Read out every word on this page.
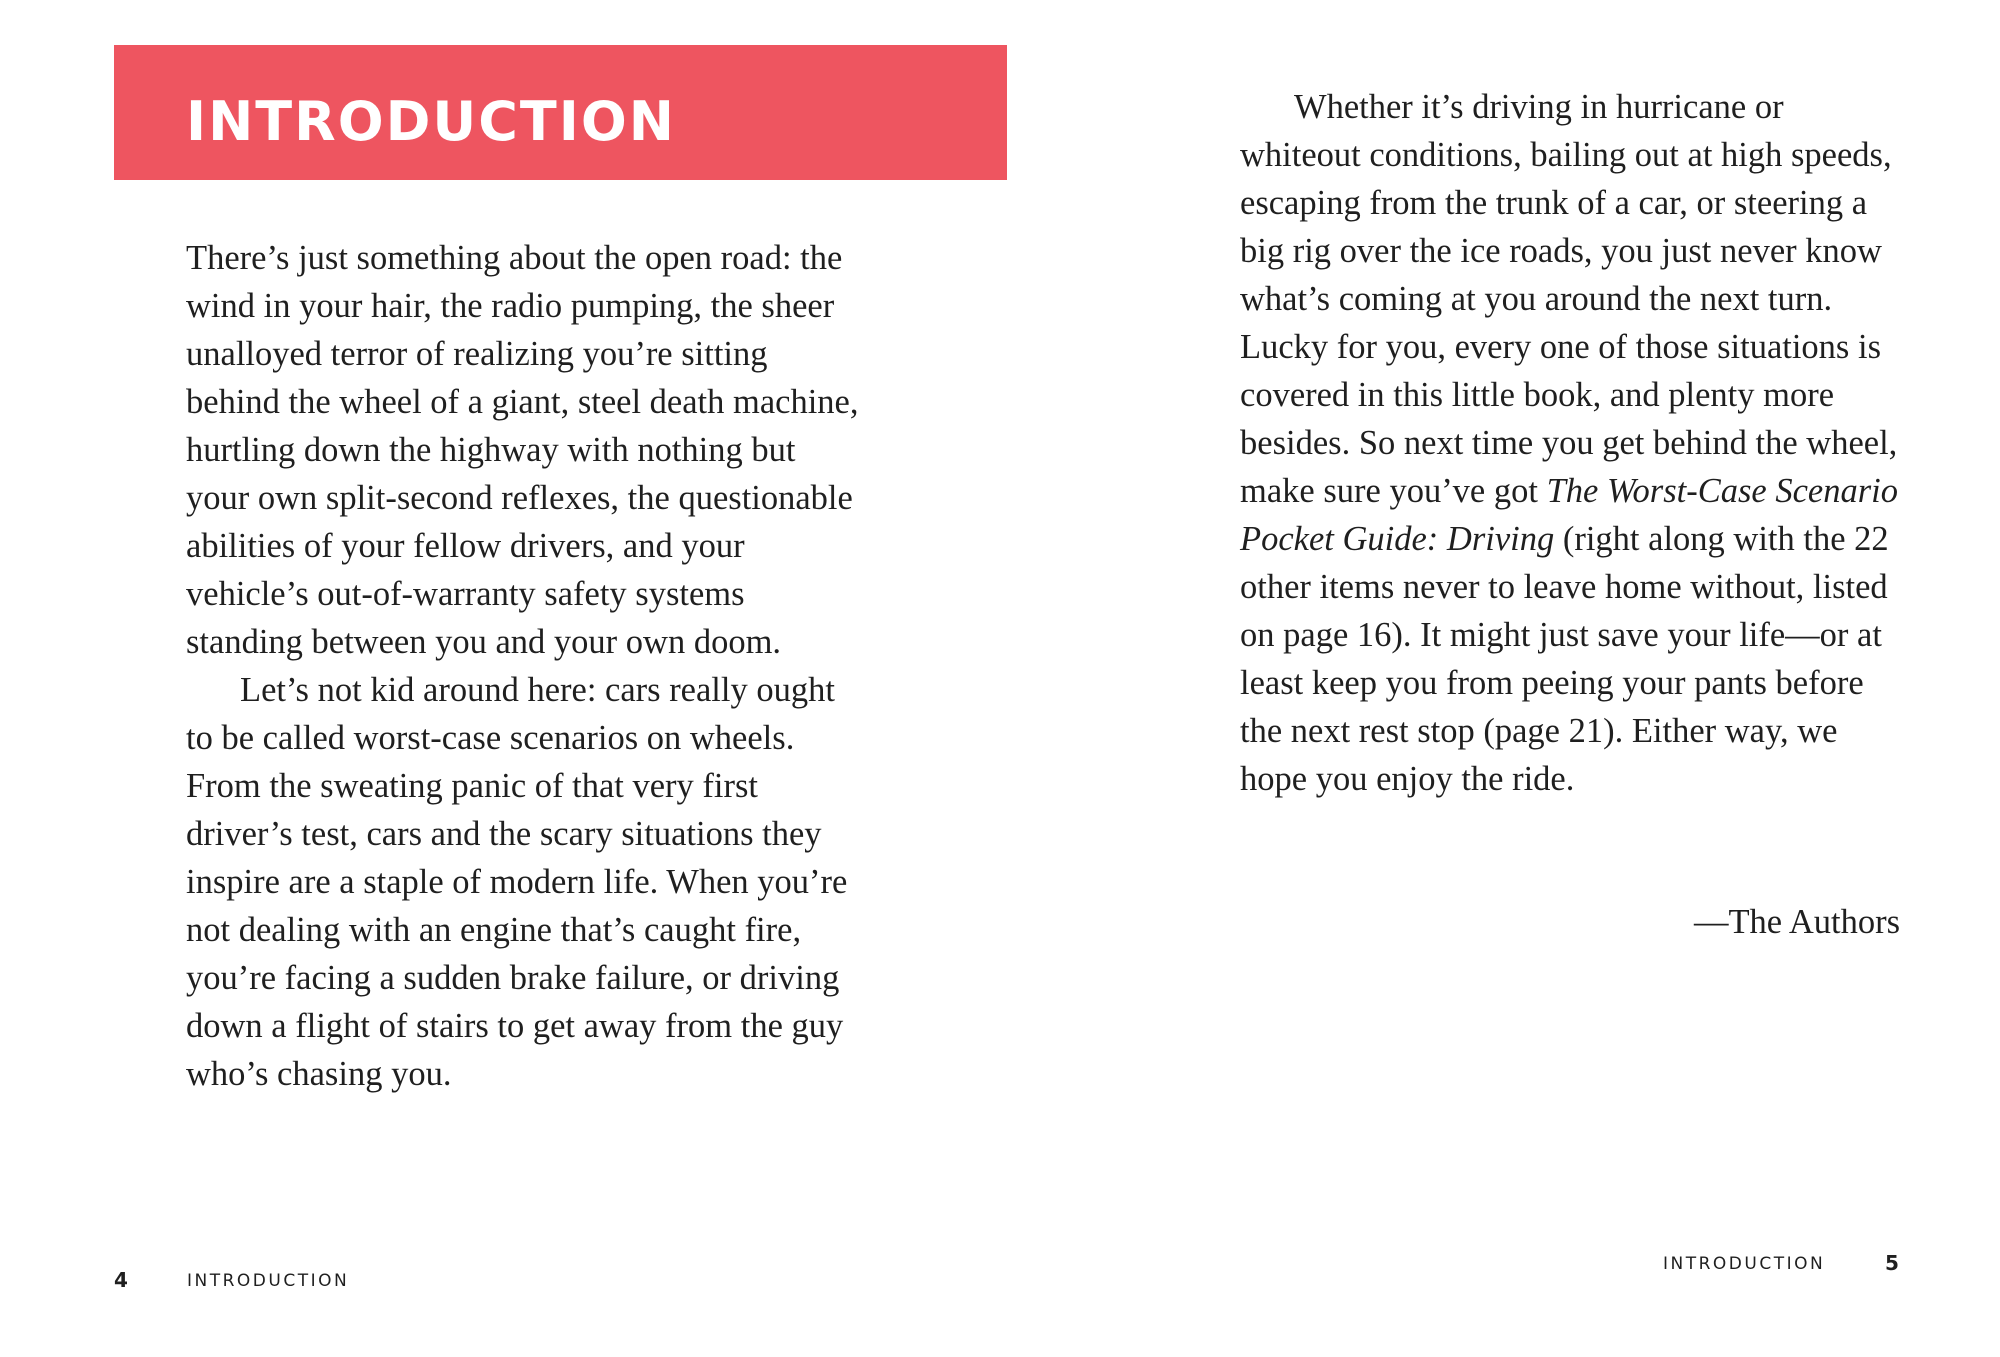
INTRODUCTION

There’s just something about the open road: the wind in your hair, the radio pumping, the sheer unalloyed terror of realizing you’re sitting behind the wheel of a giant, steel death machine, hurtling down the highway with nothing but your own split-second reflexes, the questionable abilities of your fellow drivers, and your vehicle’s out-of-warranty safety systems standing between you and your own doom.

Let’s not kid around here: cars really ought to be called worst-case scenarios on wheels. From the sweating panic of that very first driver’s test, cars and the scary situations they inspire are a staple of modern life. When you’re not dealing with an engine that’s caught fire, you’re facing a sudden brake failure, or driving down a flight of stairs to get away from the guy who’s chasing you.

4	INTRODUCTION

Whether it’s driving in hurricane or whiteout conditions, bailing out at high speeds, escaping from the trunk of a car, or steering a big rig over the ice roads, you just never know what’s coming at you around the next turn. Lucky for you, every one of those situations is covered in this little book, and plenty more besides. So next time you get behind the wheel, make sure you’ve got The Worst-Case Scenario Pocket Guide: Driving (right along with the 22 other items never to leave home without, listed on page 16). It might just save your life—or at least keep you from peeing your pants before the next rest stop (page 21). Either way, we hope you enjoy the ride.

—The Authors

INTRODUCTION	5
